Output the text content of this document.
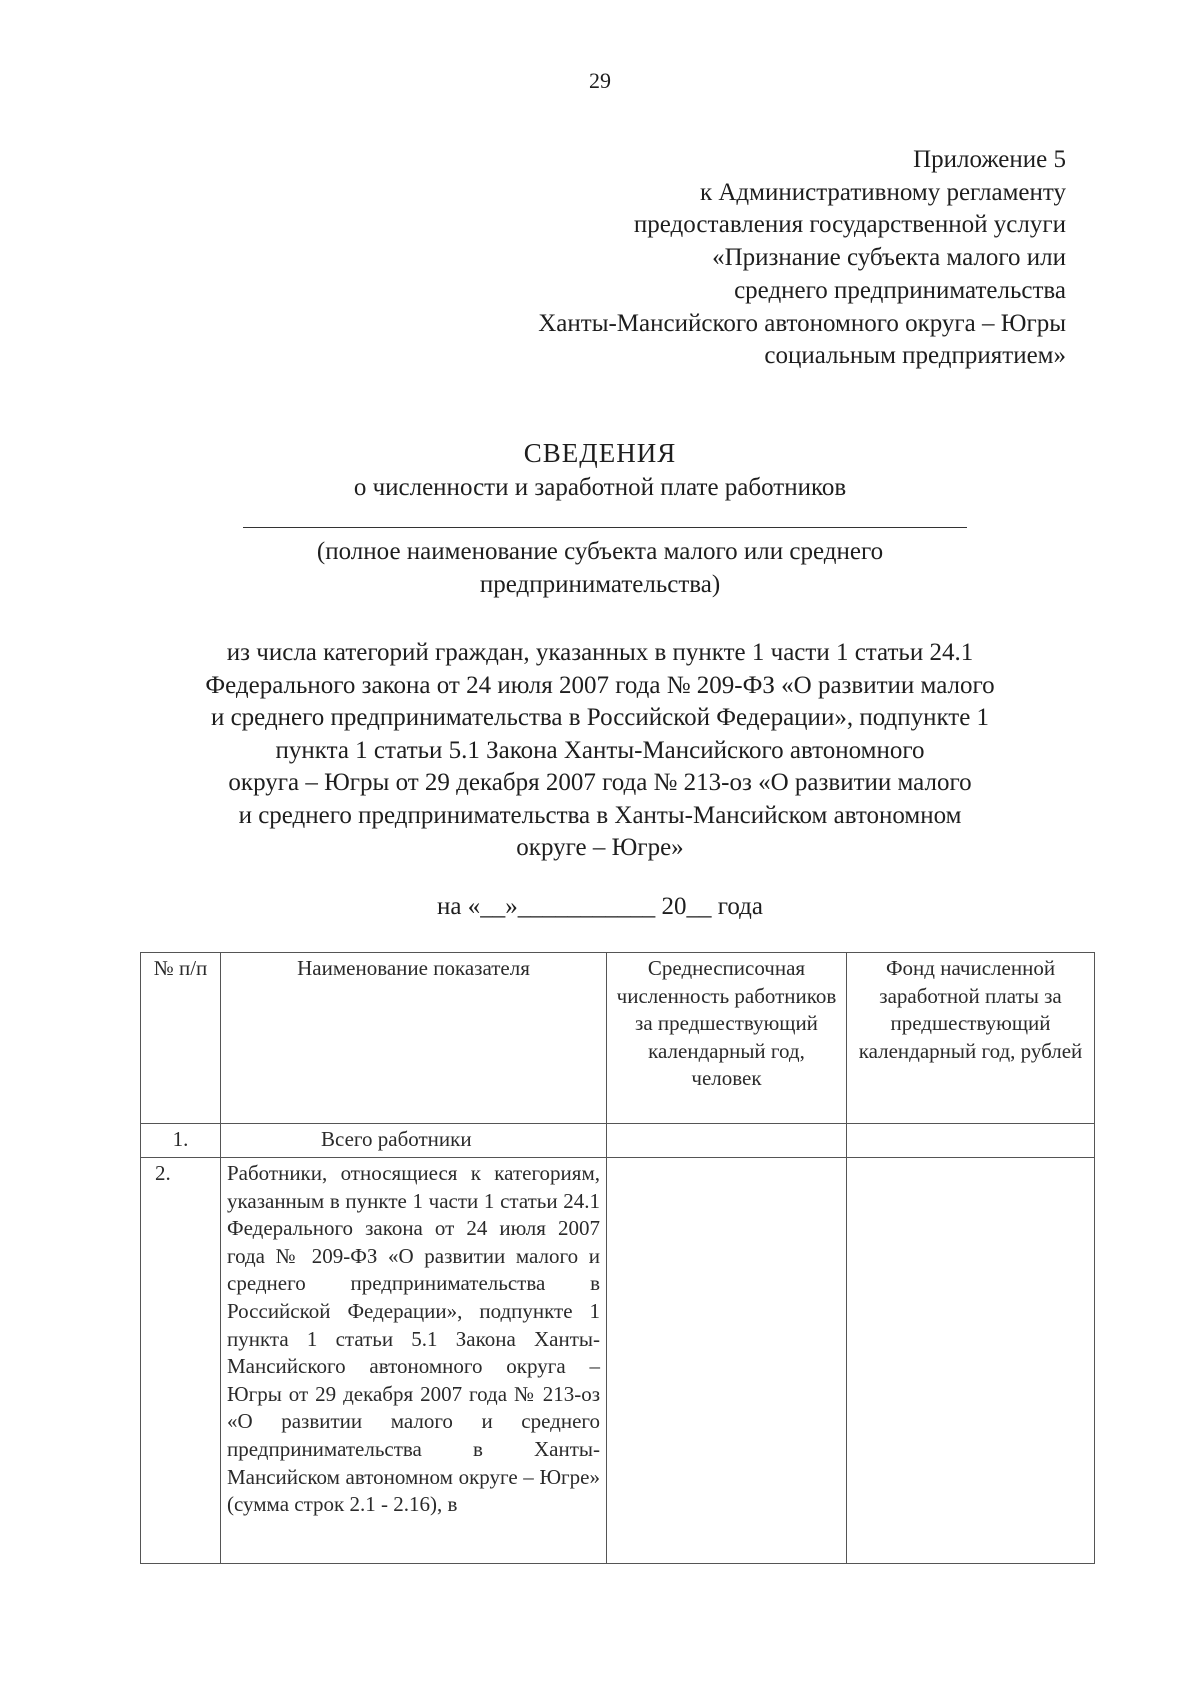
29
Приложение 5
к Административному регламенту
предоставления государственной услуги
«Признание субъекта малого или
среднего предпринимательства
Ханты-Мансийского автономного округа – Югры
социальным предприятием»
СВЕДЕНИЯ
о численности и заработной плате работников
(полное наименование субъекта малого или среднего
предпринимательства)
из числа категорий граждан, указанных в пункте 1 части 1 статьи 24.1
Федерального закона от 24 июля 2007 года № 209-ФЗ «О развитии малого
и среднего предпринимательства в Российской Федерации», подпункте 1
пункта 1 статьи 5.1 Закона Ханты-Мансийского автономного
округа – Югры от 29 декабря 2007 года № 213-оз «О развитии малого
и среднего предпринимательства в Ханты-Мансийском автономном
округе – Югре»
на «__»___________ 20__ года
№ п/п	Наименование показателя	Среднесписочная численность работников за предшествующий календарный год, человек	Фонд начисленной заработной платы за предшествующий календарный год, рублей
1.	Всего работники		
2.	Работники, относящиеся к категориям, указанным в пункте 1 части 1 статьи 24.1 Федерального закона от 24 июля 2007 года № 209-ФЗ «О развитии малого и среднего предпринимательства в Российской Федерации», подпункте 1 пункта 1 статьи 5.1 Закона Ханты-Мансийского автономного округа – Югры от 29 декабря 2007 года № 213-оз «О развитии малого и среднего предпринимательства в Ханты-Мансийском автономном округе – Югре» (сумма строк 2.1 - 2.16), в		
